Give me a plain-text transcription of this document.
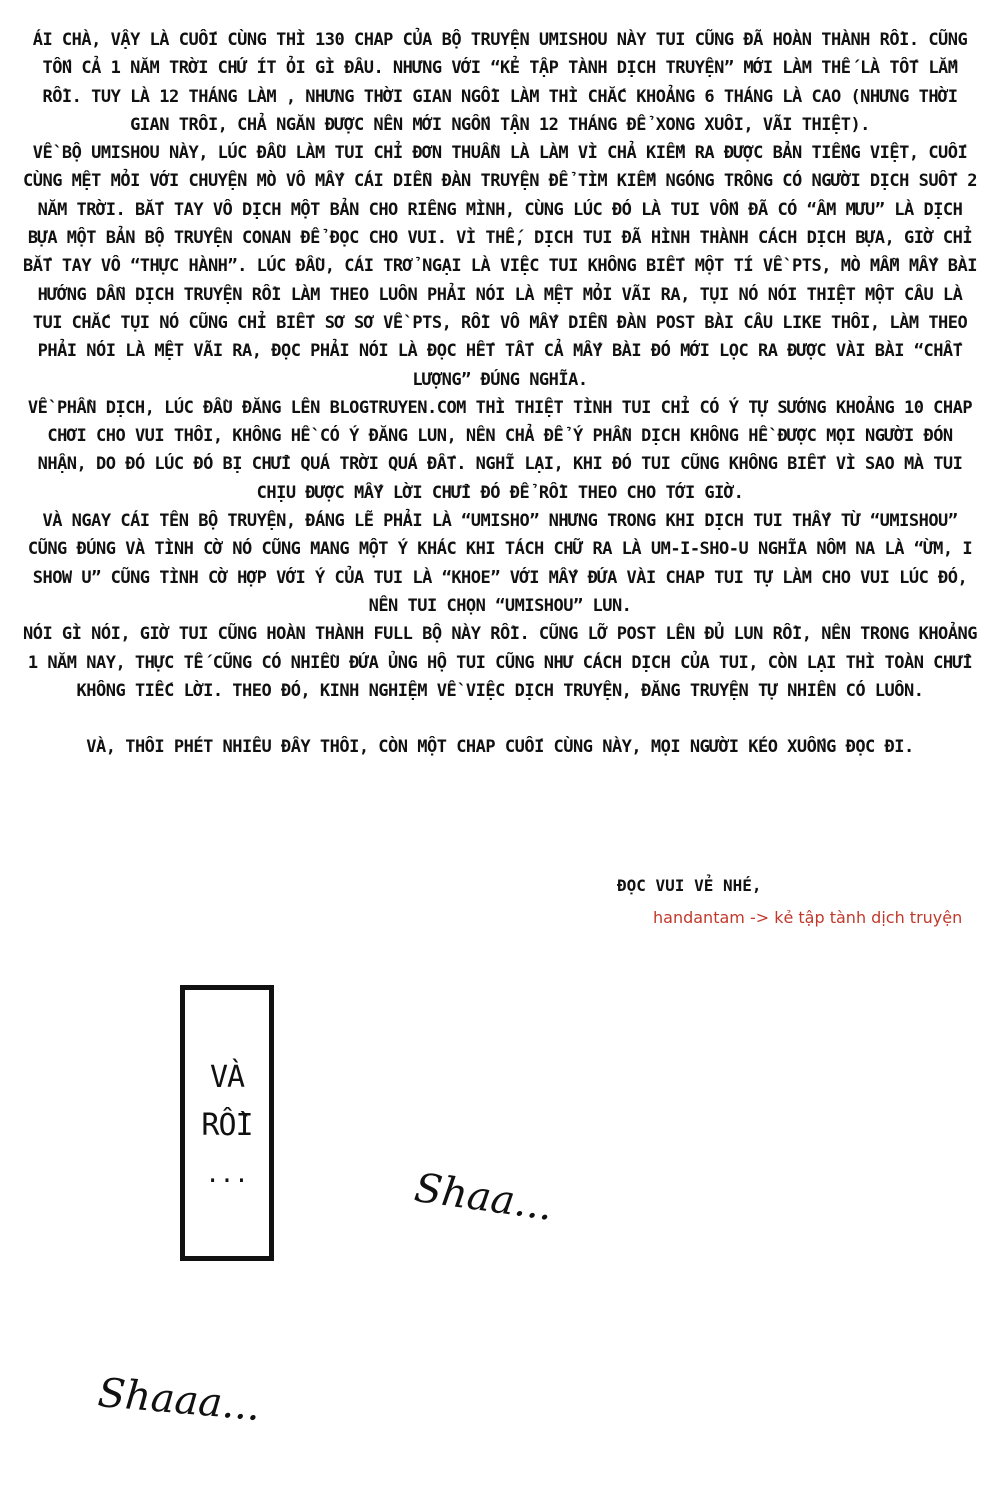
ÁI CHÀ, VẬY LÀ CUỐI CÙNG THÌ 130 CHAP CỦA BỘ TRUYỆN UMISHOU NÀY TUI CŨNG ĐÃ HOÀN THÀNH RỒI. CŨNG TỐN CẢ 1 NĂM TRỜI CHỨ ÍT ỎI GÌ ĐÂU. NHƯNG VỚI “KẺ TẬP TÀNH DỊCH TRUYỆN” MỚI LÀM THẾ LÀ TỐT LẮM RỒI. TUY LÀ 12 THÁNG LÀM , NHƯNG THỜI GIAN NGỒI LÀM THÌ CHẮC KHOẢNG 6 THÁNG LÀ CAO (NHƯNG THỜI GIAN TRÔI, CHẢ NGĂN ĐƯỢC NÊN MỚI NGỐN TẬN 12 THÁNG ĐỂ XONG XUÔI, VÃI THIỆT).

VỀ BỘ UMISHOU NÀY, LÚC ĐẦU LÀM TUI CHỈ ĐƠN THUẦN LÀ LÀM VÌ CHẢ KIẾM RA ĐƯỢC BẢN TIẾNG VIỆT, CUỐI CÙNG MỆT MỎI VỚI CHUYỆN MÒ VÔ MẤY CÁI DIỄN ĐÀN TRUYỆN ĐỂ TÌM KIẾM NGÓNG TRÔNG CÓ NGƯỜI DỊCH SUỐT 2 NĂM TRỜI. BẮT TAY VÔ DỊCH MỘT BẢN CHO RIÊNG MÌNH, CÙNG LÚC ĐÓ LÀ TUI VỐN ĐÃ CÓ “ÂM MƯU” LÀ DỊCH BỰA MỘT BẢN BỘ TRUYỆN CONAN ĐỂ ĐỌC CHO VUI. VÌ THẾ, DỊCH TUI ĐÃ HÌNH THÀNH CÁCH DỊCH BỰA, GIỜ CHỈ BẮT TAY VÔ “THỰC HÀNH”. LÚC ĐẦU, CÁI TRỞ NGẠI LÀ VIỆC TUI KHÔNG BIẾT MỘT TÍ VỀ PTS, MÒ MẪM MẤY BÀI HƯỚNG DẪN DỊCH TRUYỆN RỒI LÀM THEO LUÔN PHẢI NÓI LÀ MỆT MỎI VÃI RA, TỤI NÓ NÓI THIỆT MỘT CÂU LÀ TUI CHẮC TỤI NÓ CŨNG CHỈ BIẾT SƠ SƠ VỀ PTS, RỒI VÔ MẤY DIỄN ĐÀN POST BÀI CÂU LIKE THÔI, LÀM THEO PHẢI NÓI LÀ MỆT VÃI RA, ĐỌC PHẢI NÓI LÀ ĐỌC HẾT TẤT CẢ MẤY BÀI ĐÓ MỚI LỌC RA ĐƯỢC VÀI BÀI “CHẤT LƯỢNG” ĐÚNG NGHĨA.

VỀ PHẦN DỊCH, LÚC ĐẦU ĐĂNG LÊN BLOGTRUYEN.COM THÌ THIỆT TÌNH TUI CHỈ CÓ Ý TỰ SƯỚNG KHOẢNG 10 CHAP CHƠI CHO VUI THÔI, KHÔNG HỀ CÓ Ý ĐĂNG LUN, NÊN CHẢ ĐỂ Ý PHẦN DỊCH KHÔNG HỀ ĐƯỢC MỌI NGƯỜI ĐÓN NHẬN, DO ĐÓ LÚC ĐÓ BỊ CHỬI QUÁ TRỜI QUÁ ĐẤT. NGHĨ LẠI, KHI ĐÓ TUI CŨNG KHÔNG BIẾT VÌ SAO MÀ TUI CHỊU ĐƯỢC MẤY LỜI CHỬI ĐÓ ĐỂ RỒI THEO CHO TỚI GIỜ.

VÀ NGAY CÁI TÊN BỘ TRUYỆN, ĐÁNG LẼ PHẢI LÀ “UMISHO” NHƯNG TRONG KHI DỊCH TUI THẤY TỪ “UMISHOU” CŨNG ĐÚNG VÀ TÌNH CỜ NÓ CŨNG MANG MỘT Ý KHÁC KHI TÁCH CHỮ RA LÀ UM-I-SHO-U NGHĨA NÔM NA LÀ “ỪM, I SHOW U” CŨNG TÌNH CỜ HỢP VỚI Ý CỦA TUI LÀ “KHOE” VỚI MẤY ĐỨA VÀI CHAP TUI TỰ LÀM CHO VUI LÚC ĐÓ, NÊN TUI CHỌN “UMISHOU” LUN.

NÓI GÌ NÓI, GIỜ TUI CŨNG HOÀN THÀNH FULL BỘ NÀY RỒI. CŨNG LỠ POST LÊN ĐỦ LUN RỒI, NÊN TRONG KHOẢNG 1 NĂM NAY, THỰC TẾ CŨNG CÓ NHIỀU ĐỨA ỦNG HỘ TUI CŨNG NHƯ CÁCH DỊCH CỦA TUI, CÒN LẠI THÌ TOÀN CHỬI KHÔNG TIẾC LỜI. THEO ĐÓ, KINH NGHIỆM VỀ VIỆC DỊCH TRUYỆN, ĐĂNG TRUYỆN TỰ NHIÊN CÓ LUÔN.

VÀ, THÔI PHÉT NHIÊU ĐÂY THÔI, CÒN MỘT CHAP CUỐI CÙNG NÀY, MỌI NGƯỜI KÉO XUỐNG ĐỌC ĐI.

ĐỌC VUI VẺ NHÉ,
handantam -> kẻ tập tành dịch truyện
VÀ
RỒI
...	Shaa...
Shaaa...
